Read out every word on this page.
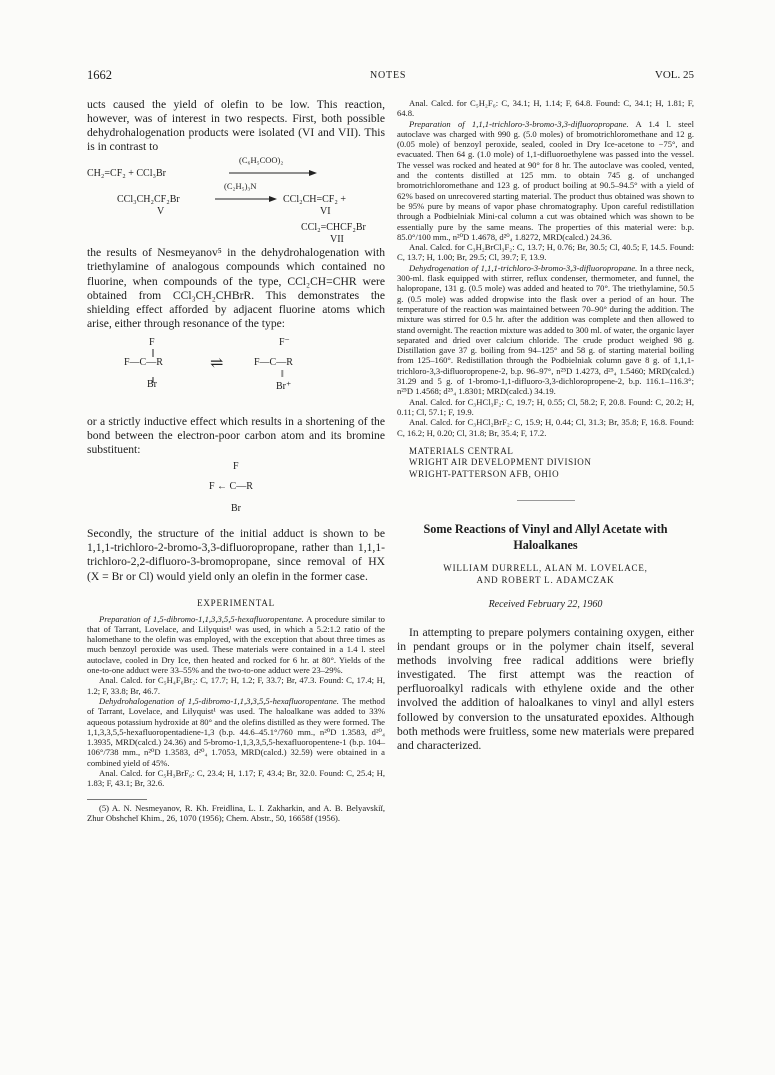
1662	NOTES	VOL. 25

ucts caused the yield of olefin to be low. This reaction, however, was of interest in two respects. First, both possible dehydrohalogenation products were isolated (VI and VII). This is in contrast to

CH₂=CF₂ + CCl₃Br
(C₆H₅COO)₂
CCl₃CH₂CF₂Br
(C₂H₅)₃N
CCl₂CH=CF₂ +
V	VI
CCl₂=CHCF₂Br
VII

the results of Nesmeyanov⁵ in the dehydrohalogenation with triethylamine of analogous compounds which contained no fluorine, when compounds of the type, CCl₂CH=CHR were obtained from CCl₃CH₂CHBrR. This demonstrates the shielding effect afforded by adjacent fluorine atoms which arise, either through resonance of the type:

F
F—C—R
Br
⇌
F⁻
F—C—R
‖
Br⁺

or a strictly inductive effect which results in a shortening of the bond between the electron-poor carbon atom and its bromine substituent:

F
F ← C—R
Br

Secondly, the structure of the initial adduct is shown to be 1,1,1-trichloro-2-bromo-3,3-difluoropropane, rather than 1,1,1-trichloro-2,2-difluoro-3-bromopropane, since removal of HX (X = Br or Cl) would yield only an olefin in the former case.

EXPERIMENTAL

Preparation of 1,5-dibromo-1,1,3,3,5,5-hexafluoropentane. A procedure similar to that of Tarrant, Lovelace, and Lilyquist¹ was used, in which a 5.2:1.2 ratio of the halomethane to the olefin was employed, with the exception that about three times as much benzoyl peroxide was used. These materials were contained in a 1.4 l. steel autoclave, cooled in Dry Ice, then heated and rocked for 6 hr. at 80°. Yields of the one-to-one adduct were 33–55% and the two-to-one adduct were 23–29%.

Anal. Calcd. for C₅H₄F₆Br₂: C, 17.7; H, 1.2; F, 33.7; Br, 47.3. Found: C, 17.4; H, 1.2; F, 33.8; Br, 46.7.

Dehydrohalogenation of 1,5-dibromo-1,1,3,3,5,5-hexafluoropentane. The method of Tarrant, Lovelace, and Lilyquist¹ was used. The haloalkane was added to 33% aqueous potassium hydroxide at 80° and the olefins distilled as they were formed. The 1,1,3,3,5,5-hexafluoropentadiene-1,3 (b.p. 44.6–45.1°/760 mm., n²⁰D 1.3583, d²⁰₄ 1.3935, MRD(calcd.) 24.36) and 5-bromo-1,1,3,3,5,5-hexafluoropentene-1 (b.p. 104–106°/738 mm., n²⁰D 1.3583, d²⁰₄ 1.7053, MRD(calcd.) 32.59) were obtained in a combined yield of 45%.

Anal. Calcd. for C₅H₃BrF₆: C, 23.4; H, 1.17; F, 43.4; Br, 32.0. Found: C, 25.4; H, 1.83; F, 43.1; Br, 32.6.

(5) A. N. Nesmeyanov, R. Kh. Freidlina, L. I. Zakharkin, and A. B. Belyavskiĭ, Zhur Obshcheĭ Khim., 26, 1070 (1956); Chem. Abstr., 50, 16658f (1956).

Anal. Calcd. for C₅H₂F₆: C, 34.1; H, 1.14; F, 64.8. Found: C, 34.1; H, 1.81; F, 64.8.

Preparation of 1,1,1-trichloro-3-bromo-3,3-difluoropropane. A 1.4 l. steel autoclave was charged with 990 g. (5.0 moles) of bromotrichloromethane and 12 g. (0.05 mole) of benzoyl peroxide, sealed, cooled in Dry Ice-acetone to −75°, and evacuated. Then 64 g. (1.0 mole) of 1,1-difluoroethylene was passed into the vessel. The vessel was rocked and heated at 90° for 8 hr. The autoclave was cooled, vented, and the contents distilled at 125 mm. to obtain 745 g. of unchanged bromotrichloromethane and 123 g. of product boiling at 90.5–94.5° with a yield of 62% based on unrecovered starting material. The product thus obtained was shown to be 95% pure by means of vapor phase chromatography. Upon careful redistillation through a Podbielniak Mini-cal column a cut was obtained which was shown to be essentially pure by the same means. The properties of this material were: b.p. 85.0°/100 mm., n²⁰D 1.4678, d²⁰₄ 1.8272, MRD(calcd.) 24.36.

Anal. Calcd. for C₃H₂BrCl₃F₂: C, 13.7; H, 0.76; Br, 30.5; Cl, 40.5; F, 14.5. Found: C, 13.7; H, 1.00; Br, 29.5; Cl, 39.7; F, 13.9.

Dehydrogenation of 1,1,1-trichloro-3-bromo-3,3-difluoropropane. In a three neck, 300-ml. flask equipped with stirrer, reflux condenser, thermometer, and funnel, the halopropane, 131 g. (0.5 mole) was added and heated to 70°. The triethylamine, 50.5 g. (0.5 mole) was added dropwise into the flask over a period of an hour. The temperature of the reaction was maintained between 70–90° during the addition. The mixture was stirred for 0.5 hr. after the addition was complete and then allowed to stand overnight. The reaction mixture was added to 300 ml. of water, the organic layer separated and dried over calcium chloride. The crude product weighed 98 g. Distillation gave 37 g. boiling from 94–125° and 58 g. of starting material boiling from 125–160°. Redistillation through the Podbielniak column gave 8 g. of 1,1,1-trichloro-3,3-difluoropropene-2, b.p. 96–97°, n²⁵D 1.4273, d²⁵₄ 1.5460; MRD(calcd.) 31.29 and 5 g. of 1-bromo-1,1-difluoro-3,3-dichloropropene-2, b.p. 116.1–116.3°; n²⁵D 1.4568; d²⁵₄ 1.8301; MRD(calcd.) 34.19.

Anal. Calcd. for C₃HCl₃F₂: C, 19.7; H, 0.55; Cl, 58.2; F, 20.8. Found: C, 20.2; H, 0.11; Cl, 57.1; F, 19.9.

Anal. Calcd. for C₃HCl₂BrF₂: C, 15.9; H, 0.44; Cl, 31.3; Br, 35.8; F, 16.8. Found: C, 16.2; H, 0.20; Cl, 31.8; Br, 35.4; F, 17.2.

MATERIALS CENTRAL

WRIGHT AIR DEVELOPMENT DIVISION

WRIGHT-PATTERSON AFB, OHIO

Some Reactions of Vinyl and Allyl Acetate with Haloalkanes

WILLIAM DURRELL, ALAN M. LOVELACE,

AND ROBERT L. ADAMCZAK

Received February 22, 1960

In attempting to prepare polymers containing oxygen, either in pendant groups or in the polymer chain itself, several methods involving free radical additions were briefly investigated. The first attempt was the reaction of perfluoroalkyl radicals with ethylene oxide and the other involved the addition of haloalkanes to vinyl and allyl esters followed by conversion to the unsaturated epoxides. Although both methods were fruitless, some new materials were prepared and characterized.
